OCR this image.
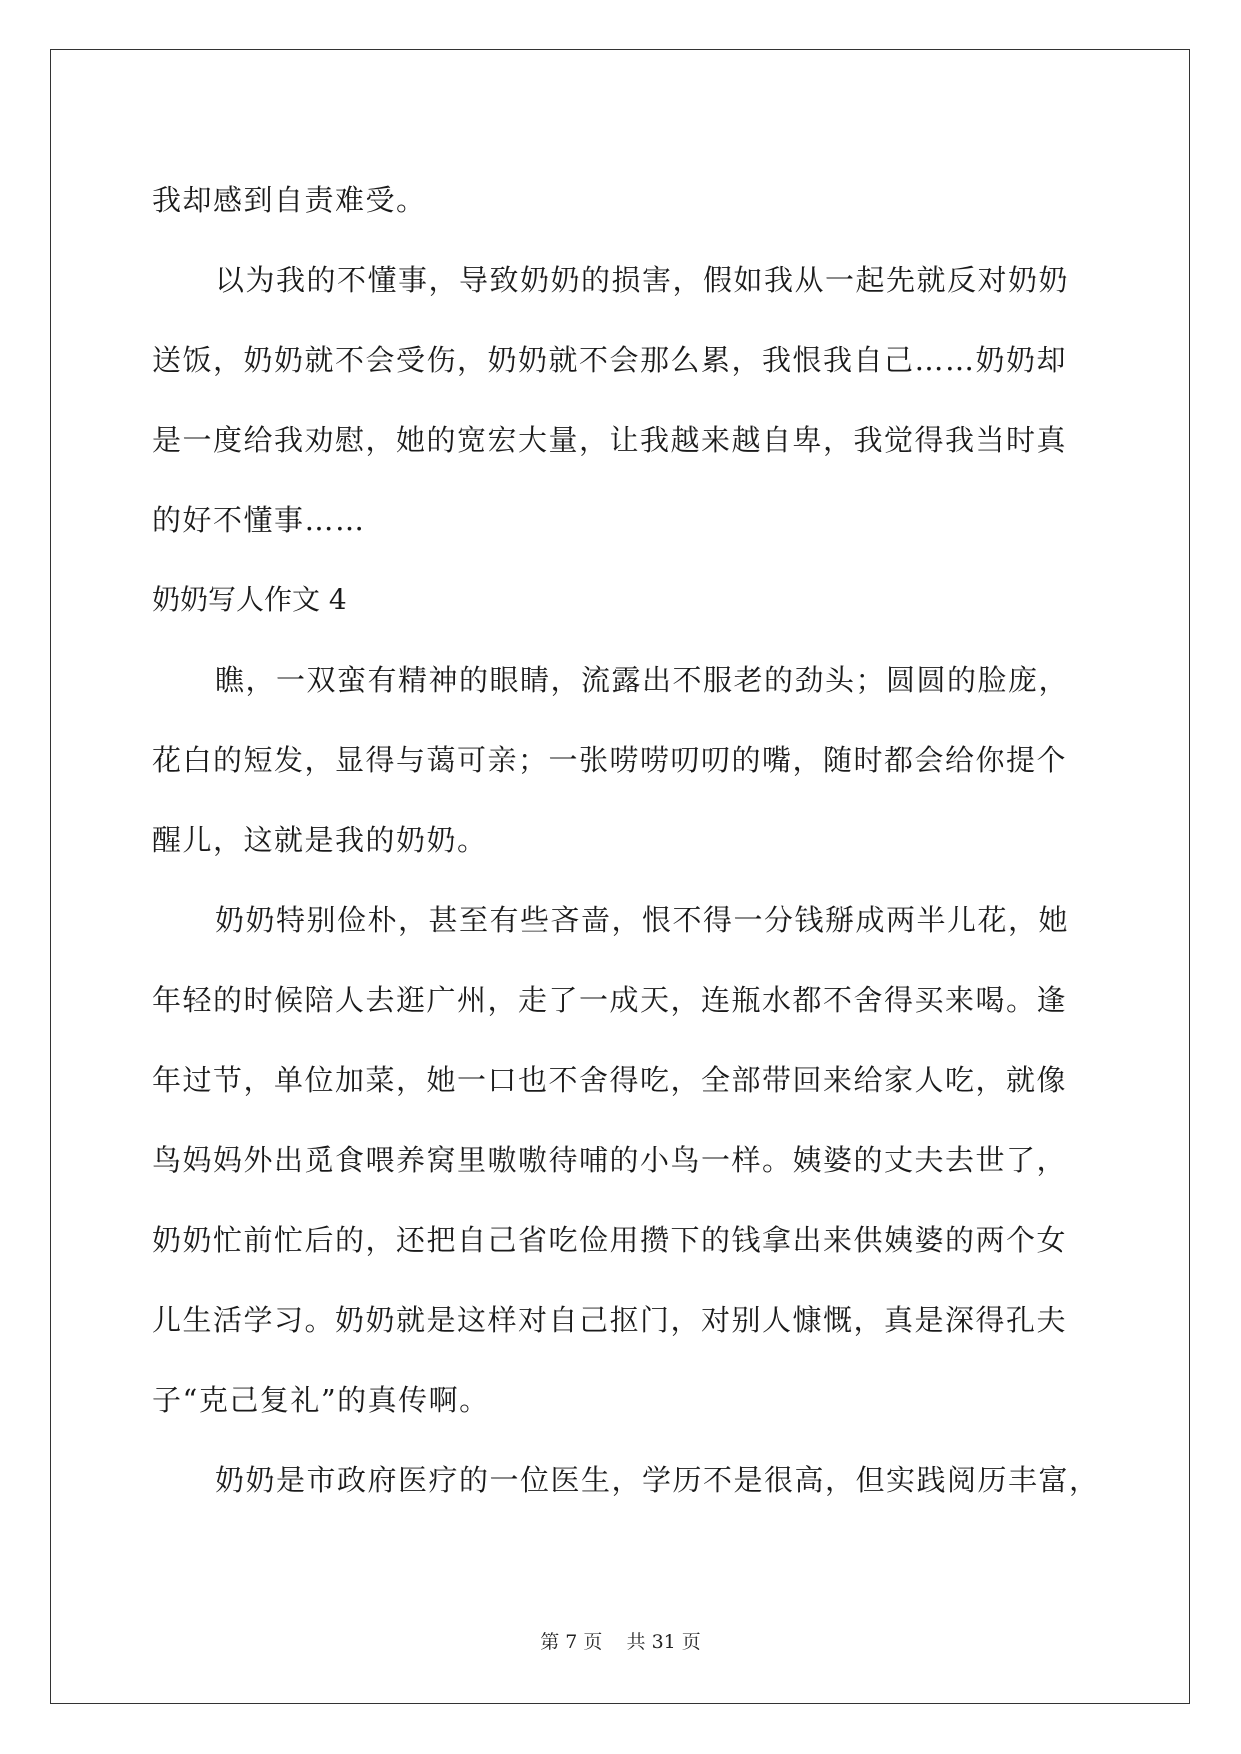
我却感到自责难受。
以为我的不懂事，导致奶奶的损害，假如我从一起先就反对奶奶
送饭，奶奶就不会受伤，奶奶就不会那么累，我恨我自己……奶奶却
是一度给我劝慰，她的宽宏大量，让我越来越自卑，我觉得我当时真
的好不懂事……
奶奶写人作文 4
瞧，一双蛮有精神的眼睛，流露出不服老的劲头；圆圆的脸庞，
花白的短发，显得与蔼可亲；一张唠唠叨叨的嘴，随时都会给你提个
醒儿，这就是我的奶奶。
奶奶特别俭朴，甚至有些吝啬，恨不得一分钱掰成两半儿花，她
年轻的时候陪人去逛广州，走了一成天，连瓶水都不舍得买来喝。逢
年过节，单位加菜，她一口也不舍得吃，全部带回来给家人吃，就像
鸟妈妈外出觅食喂养窝里嗷嗷待哺的小鸟一样。姨婆的丈夫去世了，
奶奶忙前忙后的，还把自己省吃俭用攒下的钱拿出来供姨婆的两个女
儿生活学习。奶奶就是这样对自己抠门，对别人慷慨，真是深得孔夫
子“克己复礼”的真传啊。
奶奶是市政府医疗的一位医生，学历不是很高，但实践阅历丰富，
第 7 页 共 31 页
